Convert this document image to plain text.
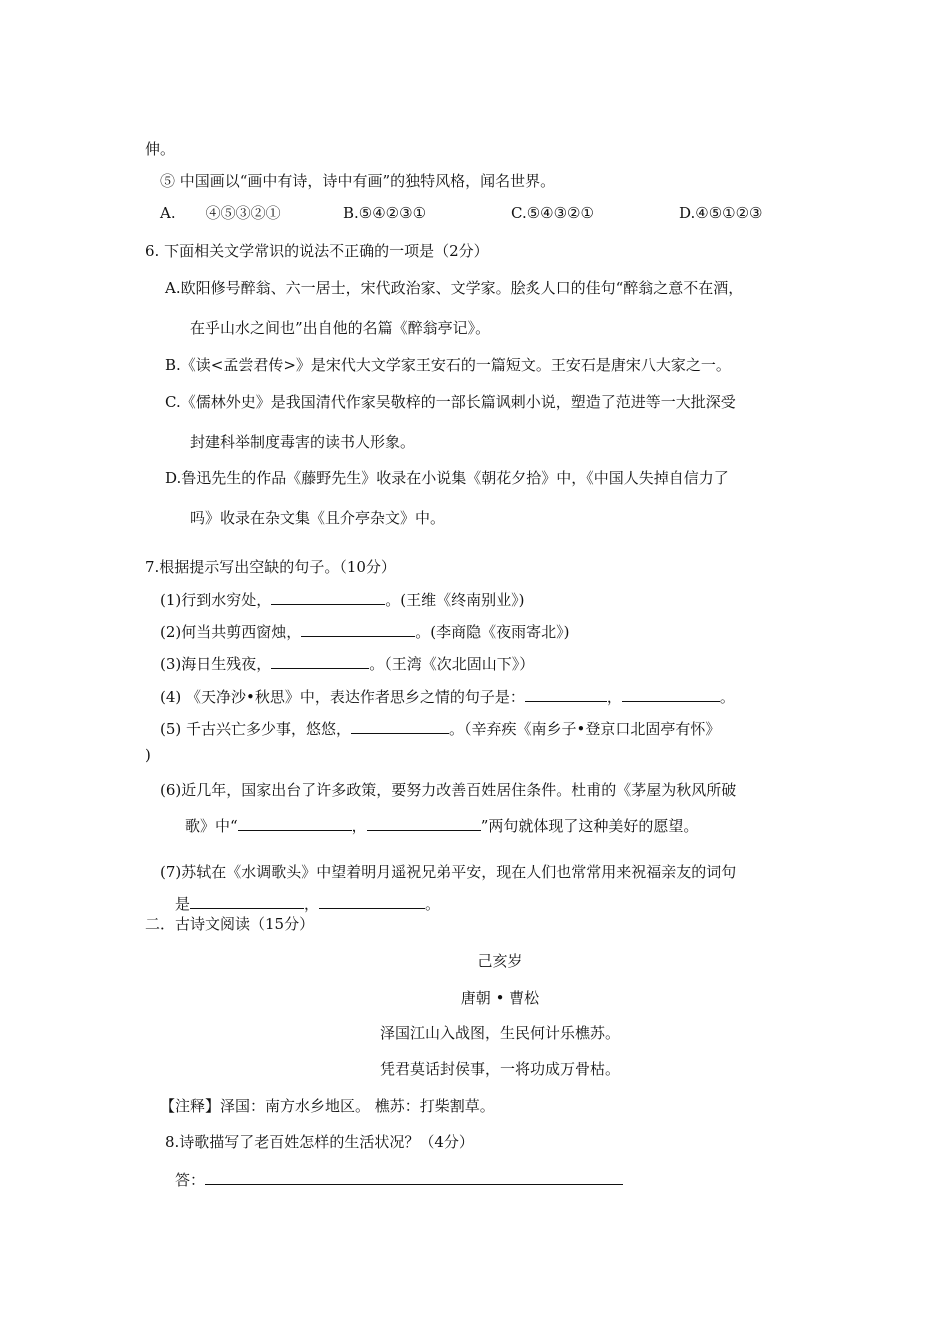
伸。
⑤ 中国画以“画中有诗，诗中有画”的独特风格，闻名世界。
A.　　④⑤③②①	B.⑤④②③①	C.⑤④③②①	D.④⑤①②③
6. 下面相关文学常识的说法不正确的一项是（2分）
A.欧阳修号醉翁、六一居士，宋代政治家、文学家。脍炙人口的佳句“醉翁之意不在酒，
在乎山水之间也”出自他的名篇《醉翁亭记》。
B.《读<孟尝君传>》是宋代大文学家王安石的一篇短文。王安石是唐宋八大家之一。
C.《儒林外史》是我国清代作家吴敬梓的一部长篇讽刺小说，塑造了范进等一大批深受
封建科举制度毒害的读书人形象。
D.鲁迅先生的作品《藤野先生》收录在小说集《朝花夕拾》中，《中国人失掉自信力了
吗》收录在杂文集《且介亭杂文》中。
7.根据提示写出空缺的句子。（10分）
(1)行到水穷处，	。(王维《终南别业》)
(2)何当共剪西窗烛，	。(李商隐《夜雨寄北》)
(3)海日生残夜，	。（王湾《次北固山下》）
(4) 《天净沙•秋思》中，表达作者思乡之情的句子是：	，	。
(5) 千古兴亡多少事，悠悠，	。（辛弃疾《南乡子•登京口北固亭有怀》
)
(6)近几年，国家出台了许多政策，要努力改善百姓居住条件。杜甫的《茅屋为秋风所破
歌》中“	，	”两句就体现了这种美好的愿望。
(7)苏轼在《水调歌头》中望着明月遥祝兄弟平安，现在人们也常常用来祝福亲友的词句
是	，	。
二．古诗文阅读（15分）
己亥岁
唐朝 • 曹松
泽国江山入战图，生民何计乐樵苏。
凭君莫话封侯事，一将功成万骨枯。
【注释】泽国：南方水乡地区。 樵苏：打柴割草。
8.诗歌描写了老百姓怎样的生活状况？（4分）
答：
